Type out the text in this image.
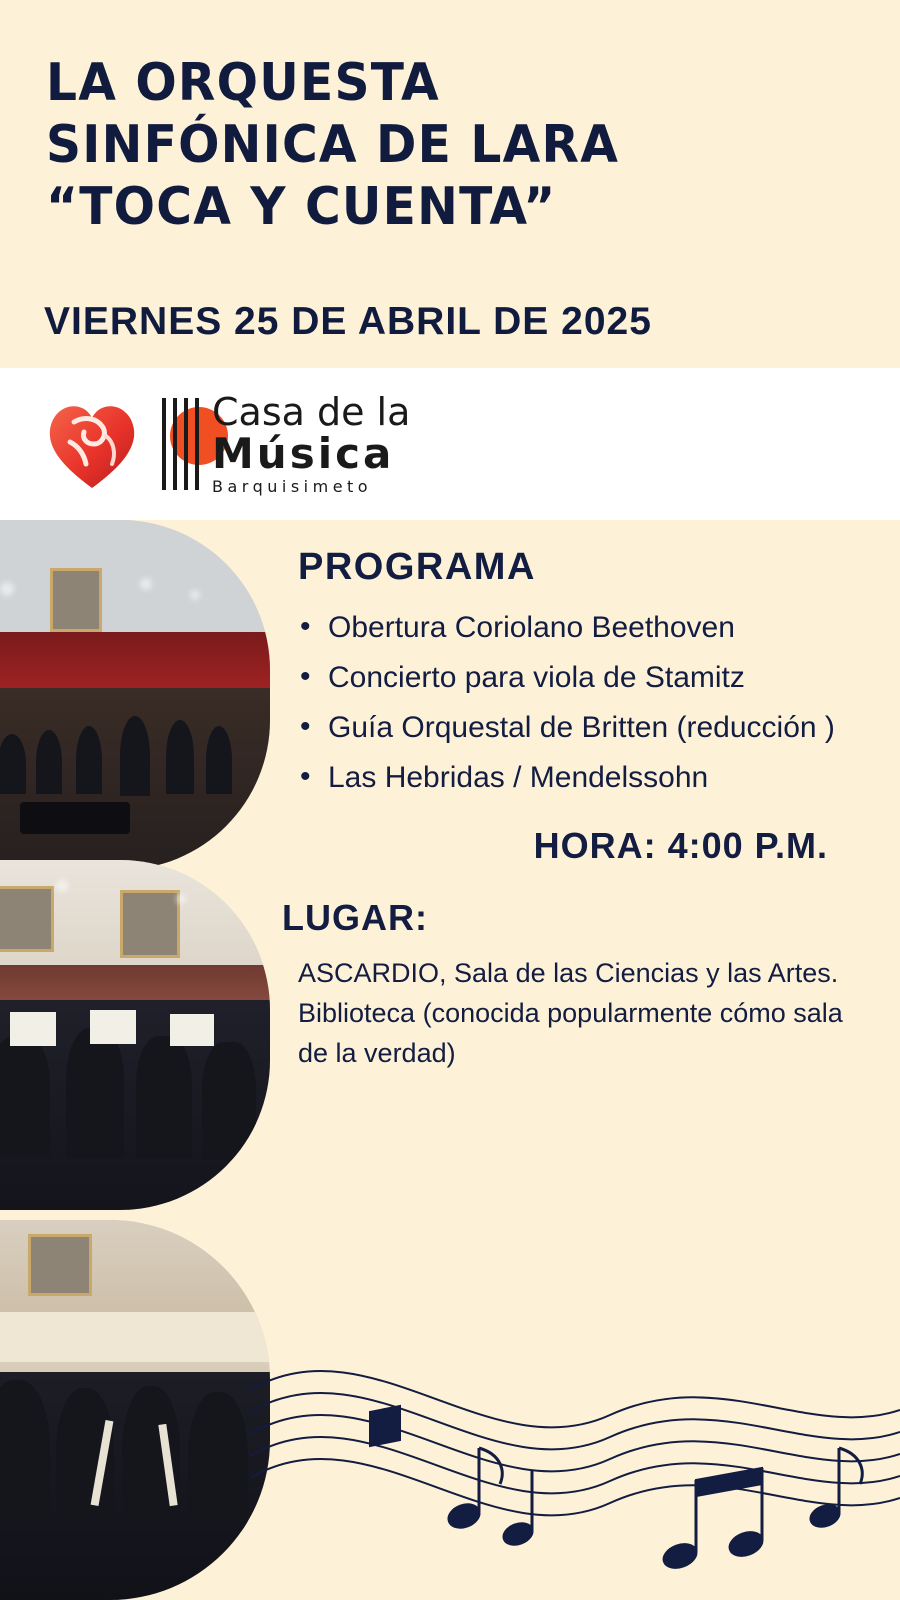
LA ORQUESTA
SINFÓNICA DE LARA
“TOCA Y CUENTA”
VIERNES 25 DE ABRIL DE 2025
Casa de la
Música
Barquisimeto
PROGRAMA
• Obertura Coriolano Beethoven
• Concierto para viola de Stamitz
• Guía Orquestal de Britten (reducción )
• Las Hebridas / Mendelssohn
HORA: 4:00 P.M.
LUGAR:
ASCARDIO, Sala de las Ciencias y las Artes. Biblioteca (conocida popularmente cómo sala de la verdad)
